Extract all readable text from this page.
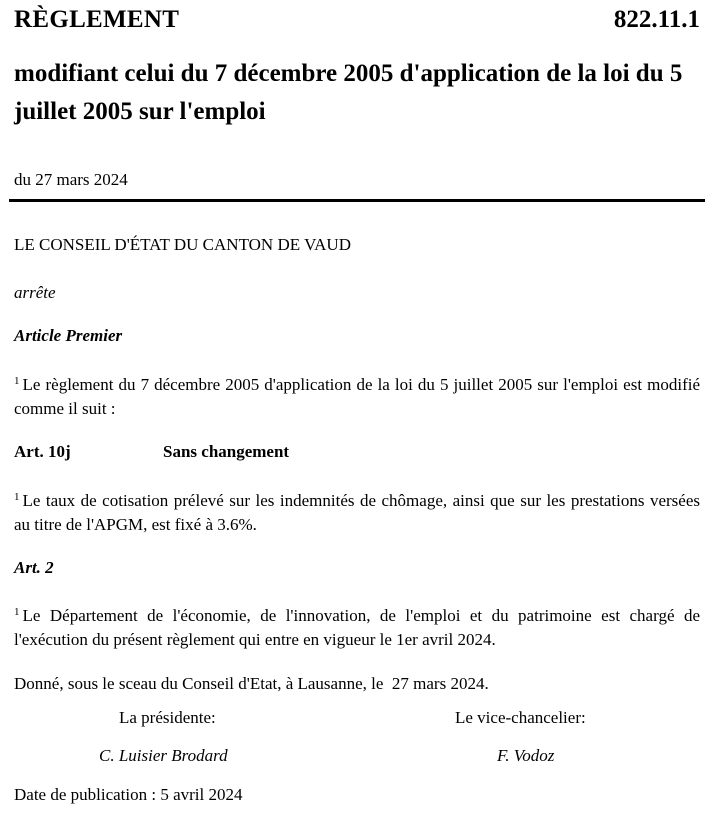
RÈGLEMENT	822.11.1
modifiant celui du 7 décembre 2005 d'application de la loi du 5 juillet 2005 sur l'emploi
du 27 mars 2024
LE CONSEIL D'ÉTAT DU CANTON DE VAUD
arrête
Article Premier
$^1$ Le règlement du 7 décembre 2005 d'application de la loi du 5 juillet 2005 sur l'emploi est modifié comme il suit :
Art. 10j	Sans changement
$^1$ Le taux de cotisation prélevé sur les indemnités de chômage, ainsi que sur les prestations versées au titre de l'APGM, est fixé à 3.6%.
Art. 2
$^1$ Le Département de l'économie, de l'innovation, de l'emploi et du patrimoine est chargé de l'exécution du présent règlement qui entre en vigueur le 1er avril 2024.
Donné, sous le sceau du Conseil d'Etat, à Lausanne, le  27 mars 2024.
La présidente:	Le vice-chancelier:
C. Luisier Brodard	F. Vodoz
Date de publication : 5 avril 2024
